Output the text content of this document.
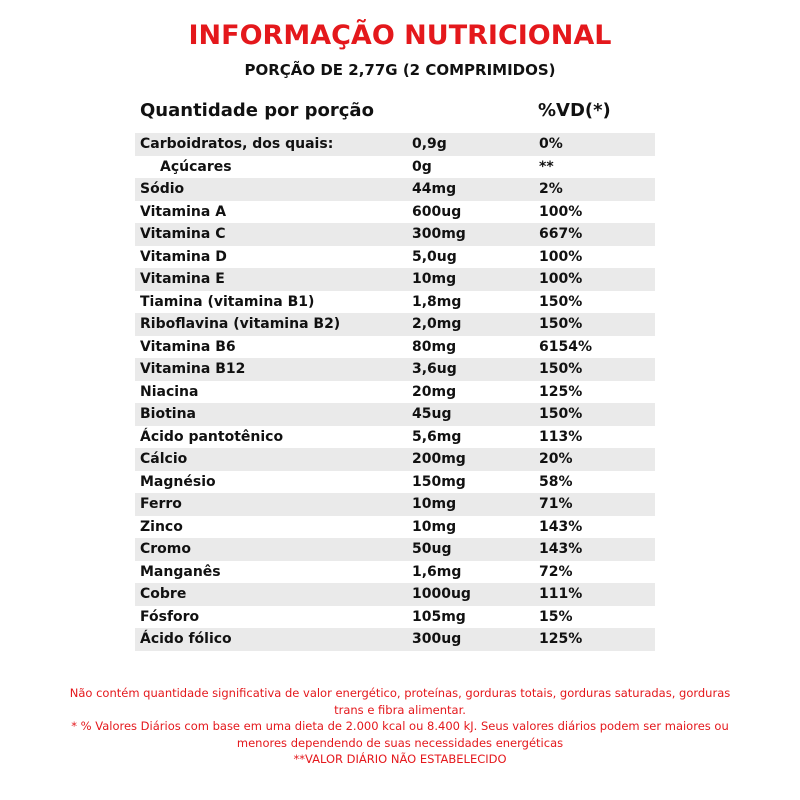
INFORMAÇÃO NUTRICIONAL
PORÇÃO DE 2,77G (2 COMPRIMIDOS)
Quantidade por porção	%VD(*)
Carboidratos, dos quais:	0,9g	0%
Açúcares	0g	**
Sódio	44mg	2%
Vitamina A	600ug	100%
Vitamina C	300mg	667%
Vitamina D	5,0ug	100%
Vitamina E	10mg	100%
Tiamina (vitamina B1)	1,8mg	150%
Riboflavina (vitamina B2)	2,0mg	150%
Vitamina B6	80mg	6154%
Vitamina B12	3,6ug	150%
Niacina	20mg	125%
Biotina	45ug	150%
Ácido pantotênico	5,6mg	113%
Cálcio	200mg	20%
Magnésio	150mg	58%
Ferro	10mg	71%
Zinco	10mg	143%
Cromo	50ug	143%
Manganês	1,6mg	72%
Cobre	1000ug	111%
Fósforo	105mg	15%
Ácido fólico	300ug	125%
Não contém quantidade significativa de valor energético, proteínas, gorduras totais, gorduras saturadas, gorduras trans e fibra alimentar.
* % Valores Diários com base em uma dieta de 2.000 kcal ou 8.400 kJ. Seus valores diários podem ser maiores ou menores dependendo de suas necessidades energéticas
**VALOR DIÁRIO NÃO ESTABELECIDO
